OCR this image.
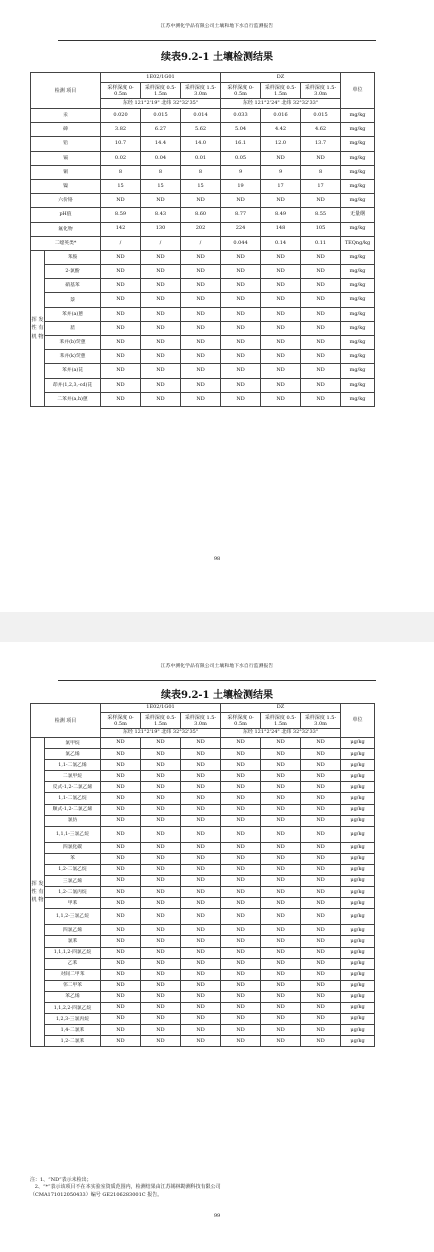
江苏中测化学品有限公司土壤和地下水自行监测报告
续表9.2-1 土壤检测结果
检测 项目		1E02/1G01			DZ			单位
		采样深度 0-0.5m	采样深度 0.5-1.5m	采样深度 1.5-3.0m	采样深度 0-0.5m	采样深度 0.5-1.5m	采样深度 1.5-3.0m	
		东经 121°2'19" 北纬 32°32'35"			东经 121°2'24" 北纬 32°32'33"			
汞		0.020	0.015	0.014	0.033	0.016	0.015	mg/kg
砷		3.82	6.27	5.62	5.04	4.42	4.62	mg/kg
铅		10.7	14.4	14.0	16.1	12.0	13.7	mg/kg
镉		0.02	0.04	0.01	0.05	ND	ND	mg/kg
铜		8	8	8	9	9	8	mg/kg
镍		15	15	15	19	17	17	mg/kg
六价铬		ND	ND	ND	ND	ND	ND	mg/kg
pH值		8.59	8.43	8.60	8.77	8.49	8.55	无量纲
氟化物		142	130	202	224	148	105	mg/kg
二噁英类*		/	/	/	0.044	0.14	0.11	TEQng/kg
挥 发 性 有 机 物	苯胺	ND	ND	ND	ND	ND	ND	mg/kg
	2-氯酚	ND	ND	ND	ND	ND	ND	mg/kg
	硝基苯	ND	ND	ND	ND	ND	ND	mg/kg
	萘	ND	ND	ND	ND	ND	ND	mg/kg
	苯并(a)蒽	ND	ND	ND	ND	ND	ND	mg/kg
	䓛	ND	ND	ND	ND	ND	ND	mg/kg
	苯并(b)荧蒽	ND	ND	ND	ND	ND	ND	mg/kg
	苯并(k)荧蒽	ND	ND	ND	ND	ND	ND	mg/kg
	苯并(a)芘	ND	ND	ND	ND	ND	ND	mg/kg
	茚并(1,2,3,-cd)芘	ND	ND	ND	ND	ND	ND	mg/kg
	二苯并(a,h)蒽	ND	ND	ND	ND	ND	ND	mg/kg
98
江苏中测化学品有限公司土壤和地下水自行监测报告
续表9.2-1 土壤检测结果
检测 项目		1E02/1G01			DZ			单位
		采样深度 0-0.5m	采样深度 0.5-1.5m	采样深度 1.5-3.0m	采样深度 0-0.5m	采样深度 0.5-1.5m	采样深度 1.5-3.0m	
		东经 121°2'19" 北纬 32°32'35"			东经 121°2'24" 北纬 32°32'33"			
挥 发 性 有 机 物	氯甲烷	ND	ND	ND	ND	ND	ND	μg/kg
	氯乙烯	ND	ND	ND	ND	ND	ND	μg/kg
	1,1-二氯乙烯	ND	ND	ND	ND	ND	ND	μg/kg
	二氯甲烷	ND	ND	ND	ND	ND	ND	μg/kg
	反式-1,2-二氯乙烯	ND	ND	ND	ND	ND	ND	μg/kg
	1,1-二氯乙烷	ND	ND	ND	ND	ND	ND	μg/kg
	顺式-1,2-二氯乙烯	ND	ND	ND	ND	ND	ND	μg/kg
	氯仿	ND	ND	ND	ND	ND	ND	μg/kg
	1,1,1-三氯乙烷	ND	ND	ND	ND	ND	ND	μg/kg
	四氯化碳	ND	ND	ND	ND	ND	ND	μg/kg
	苯	ND	ND	ND	ND	ND	ND	μg/kg
	1,2-二氯乙烷	ND	ND	ND	ND	ND	ND	μg/kg
	三氯乙烯	ND	ND	ND	ND	ND	ND	μg/kg
	1,2-二氯丙烷	ND	ND	ND	ND	ND	ND	μg/kg
	甲苯	ND	ND	ND	ND	ND	ND	μg/kg
	1,1,2-三氯乙烷	ND	ND	ND	ND	ND	ND	μg/kg
	四氯乙烯	ND	ND	ND	ND	ND	ND	μg/kg
	氯苯	ND	ND	ND	ND	ND	ND	μg/kg
	1,1,1,2-四氯乙烷	ND	ND	ND	ND	ND	ND	μg/kg
	乙苯	ND	ND	ND	ND	ND	ND	μg/kg
	对间二甲苯	ND	ND	ND	ND	ND	ND	μg/kg
	邻二甲苯	ND	ND	ND	ND	ND	ND	μg/kg
	苯乙烯	ND	ND	ND	ND	ND	ND	μg/kg
	1,1,2,2-四氯乙烷	ND	ND	ND	ND	ND	ND	μg/kg
	1,2,3-三氯丙烷	ND	ND	ND	ND	ND	ND	μg/kg
	1,4-二氯苯	ND	ND	ND	ND	ND	ND	μg/kg
	1,2-二氯苯	ND	ND	ND	ND	ND	ND	μg/kg
注：1、“ND”表示未检出；
2、“*”表示该项目不在本实验室资质范围内，检测结果由江苏锡林勘测科技有限公司
（CMA171012050433）编号 GE2106283001C 报告。
99
